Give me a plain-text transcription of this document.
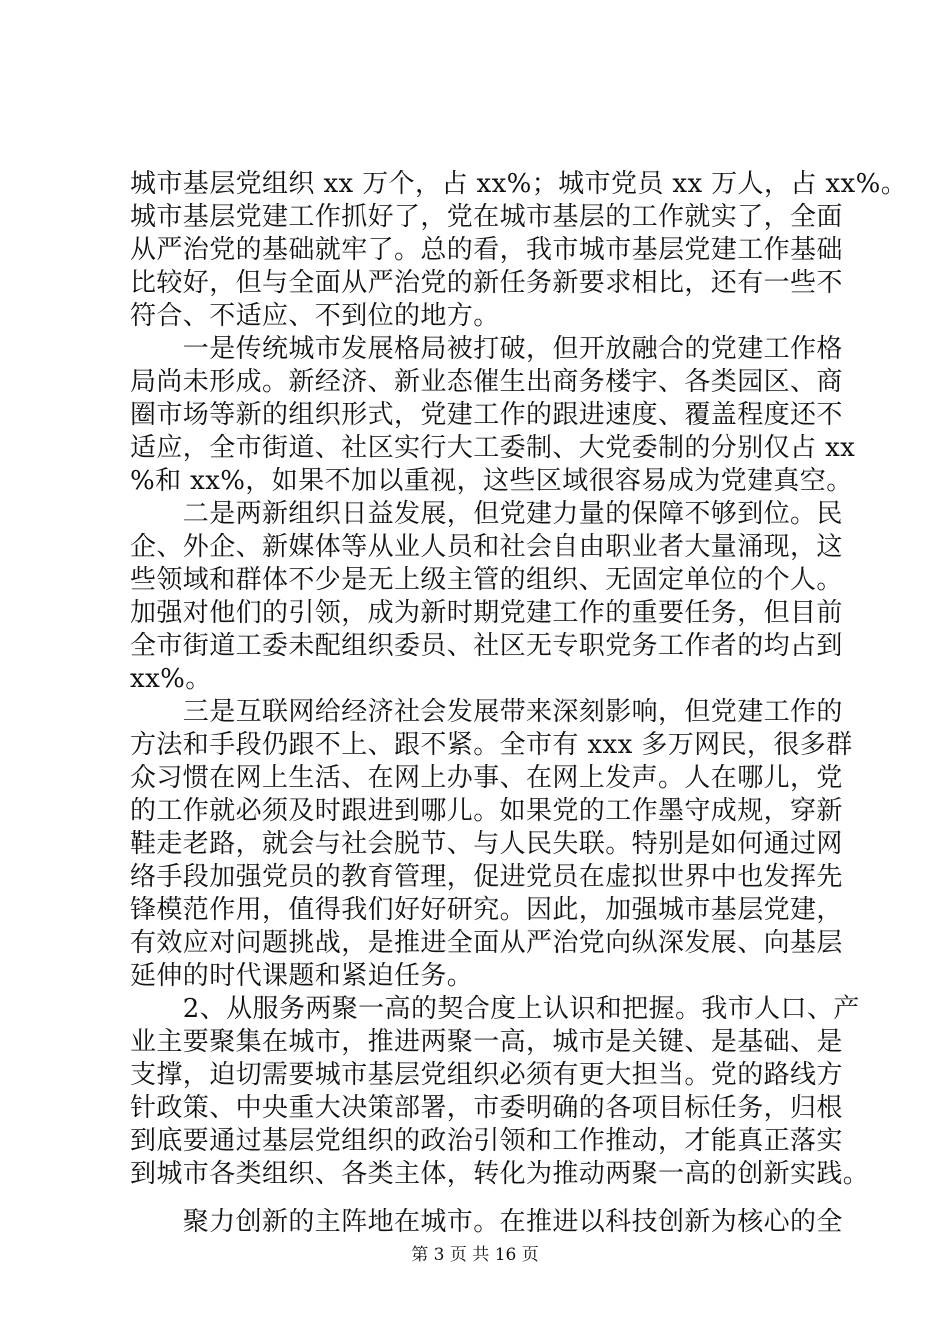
城市基层党组织 xx 万个，占 xx%；城市党员 xx 万人，占 xx%。
城市基层党建工作抓好了，党在城市基层的工作就实了，全面
从严治党的基础就牢了。总的看，我市城市基层党建工作基础
比较好，但与全面从严治党的新任务新要求相比，还有一些不
符合、不适应、不到位的地方。
　　一是传统城市发展格局被打破，但开放融合的党建工作格
局尚未形成。新经济、新业态催生出商务楼宇、各类园区、商
圈市场等新的组织形式，党建工作的跟进速度、覆盖程度还不
适应，全市街道、社区实行大工委制、大党委制的分别仅占 xx
%和 xx%，如果不加以重视，这些区域很容易成为党建真空。
　　二是两新组织日益发展，但党建力量的保障不够到位。民
企、外企、新媒体等从业人员和社会自由职业者大量涌现，这
些领域和群体不少是无上级主管的组织、无固定单位的个人。
加强对他们的引领，成为新时期党建工作的重要任务，但目前
全市街道工委未配组织委员、社区无专职党务工作者的均占到
xx%。
　　三是互联网给经济社会发展带来深刻影响，但党建工作的
方法和手段仍跟不上、跟不紧。全市有 xxx 多万网民，很多群
众习惯在网上生活、在网上办事、在网上发声。人在哪儿，党
的工作就必须及时跟进到哪儿。如果党的工作墨守成规，穿新
鞋走老路，就会与社会脱节、与人民失联。特别是如何通过网
络手段加强党员的教育管理，促进党员在虚拟世界中也发挥先
锋模范作用，值得我们好好研究。因此，加强城市基层党建，
有效应对问题挑战，是推进全面从严治党向纵深发展、向基层
延伸的时代课题和紧迫任务。
　　2、从服务两聚一高的契合度上认识和把握。我市人口、产
业主要聚集在城市，推进两聚一高，城市是关键、是基础、是
支撑，迫切需要城市基层党组织必须有更大担当。党的路线方
针政策、中央重大决策部署，市委明确的各项目标任务，归根
到底要通过基层党组织的政治引领和工作推动，才能真正落实
到城市各类组织、各类主体，转化为推动两聚一高的创新实践。
　　聚力创新的主阵地在城市。在推进以科技创新为核心的全
第 3 页 共 16 页
